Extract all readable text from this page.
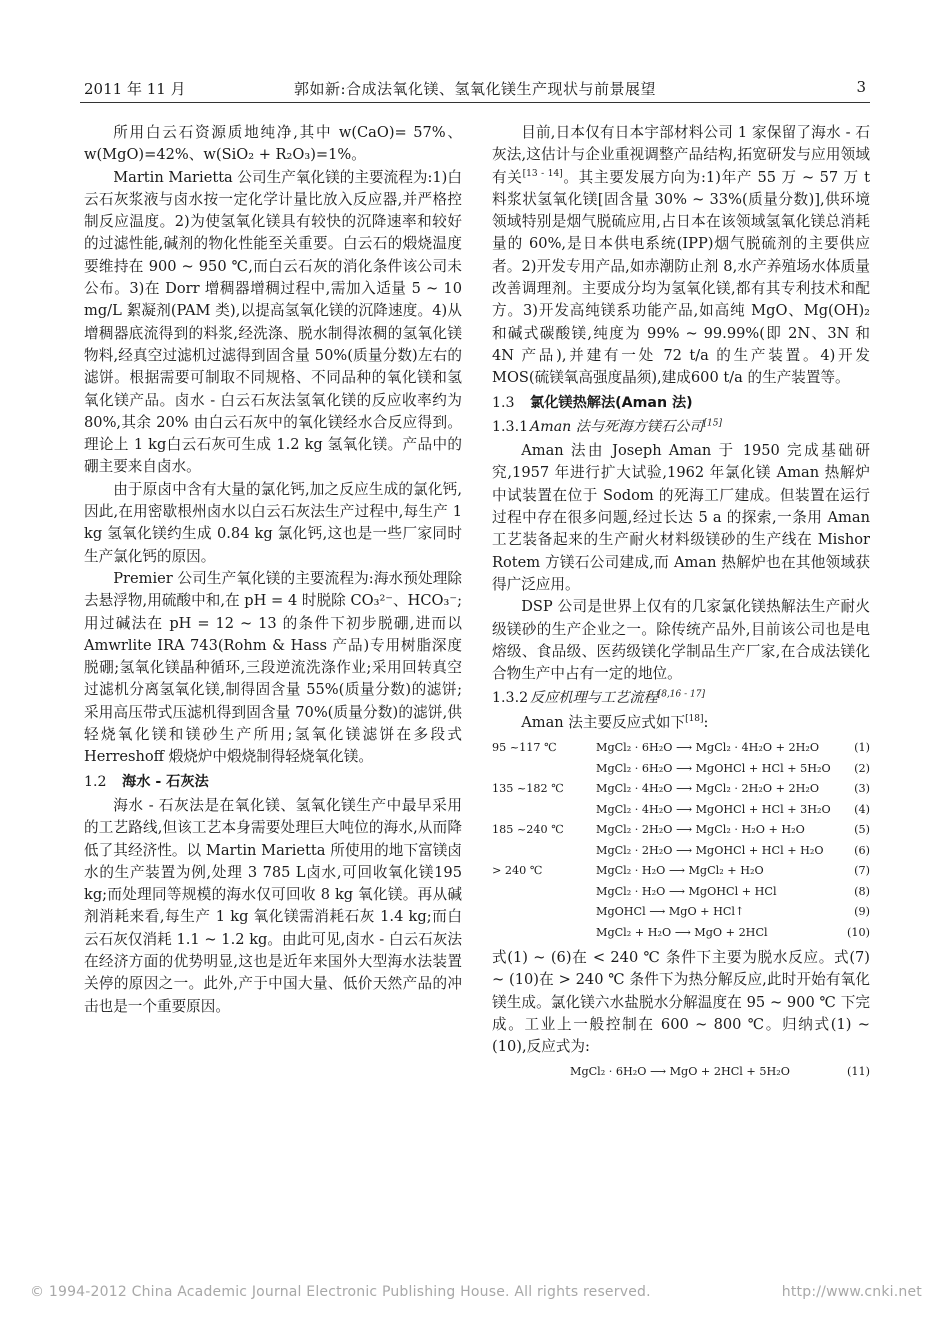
2011 年 11 月	郭如新:合成法氧化镁、氢氧化镁生产现状与前景展望	3

所用白云石资源质地纯净,其中 w(CaO)= 57%、w(MgO)=42%、w(SiO₂ + R₂O₃)=1%。

Martin Marietta 公司生产氧化镁的主要流程为:1)白云石灰浆液与卤水按一定化学计量比放入反应器,并严格控制反应温度。2)为使氢氧化镁具有较快的沉降速率和较好的过滤性能,碱剂的物化性能至关重要。白云石的煅烧温度要维持在 900 ~ 950 ℃,而白云石灰的消化条件该公司未公布。3)在 Dorr 增稠器增稠过程中,需加入适量 5 ~ 10 mg/L 絮凝剂(PAM 类),以提高氢氧化镁的沉降速度。4)从增稠器底流得到的料浆,经洗涤、脱水制得浓稠的氢氧化镁物料,经真空过滤机过滤得到固含量 50%(质量分数)左右的滤饼。根据需要可制取不同规格、不同品种的氧化镁和氢氧化镁产品。卤水 - 白云石灰法氢氧化镁的反应收率约为 80%,其余 20% 由白云石灰中的氧化镁经水合反应得到。理论上 1 kg白云石灰可生成 1.2 kg 氢氧化镁。产品中的硼主要来自卤水。

由于原卤中含有大量的氯化钙,加之反应生成的氯化钙,因此,在用密歇根州卤水以白云石灰法生产过程中,每生产 1 kg 氢氧化镁约生成 0.84 kg 氯化钙,这也是一些厂家同时生产氯化钙的原因。

Premier 公司生产氧化镁的主要流程为:海水预处理除去悬浮物,用硫酸中和,在 pH = 4 时脱除 CO₃²⁻、HCO₃⁻;用过碱法在 pH = 12 ~ 13 的条件下初步脱硼,进而以 Amwrlite IRA 743(Rohm & Hass 产品)专用树脂深度脱硼;氢氧化镁晶种循环,三段逆流洗涤作业;采用回转真空过滤机分离氢氧化镁,制得固含量 55%(质量分数)的滤饼;采用高压带式压滤机得到固含量 70%(质量分数)的滤饼,供轻烧氧化镁和镁砂生产所用;氢氧化镁滤饼在多段式 Herreshoff 煅烧炉中煅烧制得轻烧氧化镁。

1.2 海水 - 石灰法

海水 - 石灰法是在氧化镁、氢氧化镁生产中最早采用的工艺路线,但该工艺本身需要处理巨大吨位的海水,从而降低了其经济性。以 Martin Marietta 所使用的地下富镁卤水的生产装置为例,处理 3 785 L卤水,可回收氧化镁195 kg;而处理同等规模的海水仅可回收 8 kg 氧化镁。再从碱剂消耗来看,每生产 1 kg 氧化镁需消耗石灰 1.4 kg;而白云石灰仅消耗 1.1 ~ 1.2 kg。由此可见,卤水 - 白云石灰法在经济方面的优势明显,这也是近年来国外大型海水法装置关停的原因之一。此外,产于中国大量、低价天然产品的冲击也是一个重要原因。

目前,日本仅有日本宇部材料公司 1 家保留了海水 - 石灰法,这估计与企业重视调整产品结构,拓宽研发与应用领域有关[13 - 14]。其主要发展方向为:1)年产 55 万 ~ 57 万 t 料浆状氢氧化镁[固含量 30% ~ 33%(质量分数)],供环境领域特别是烟气脱硫应用,占日本在该领域氢氧化镁总消耗量的 60%,是日本供电系统(IPP)烟气脱硫剂的主要供应者。2)开发专用产品,如赤潮防止剂 8,水产养殖场水体质量改善调理剂。主要成分均为氢氧化镁,都有其专利技术和配方。3)开发高纯镁系功能产品,如高纯 MgO、Mg(OH)₂ 和碱式碳酸镁,纯度为 99% ~ 99.99%(即 2N、3N 和 4N 产品),并建有一处 72 t/a 的生产装置。4)开发 MOS(硫镁氧高强度晶须),建成600 t/a 的生产装置等。

1.3 氯化镁热解法(Aman 法)
1.3.1 Aman 法与死海方镁石公司[15]

Aman 法由 Joseph Aman 于 1950 完成基础研究,1957 年进行扩大试验,1962 年氯化镁 Aman 热解炉中试装置在位于 Sodom 的死海工厂建成。但装置在运行过程中存在很多问题,经过长达 5 a 的探索,一条用 Aman 工艺装备起来的生产耐火材料级镁砂的生产线在 Mishor Rotem 方镁石公司建成,而 Aman 热解炉也在其他领域获得广泛应用。

DSP 公司是世界上仅有的几家氯化镁热解法生产耐火级镁砂的生产企业之一。除传统产品外,目前该公司也是电熔级、食品级、医药级镁化学制品生产厂家,在合成法镁化合物生产中占有一定的地位。

1.3.2 反应机理与工艺流程[8,16 - 17]

Aman 法主要反应式如下[18]:

95 ~117 ℃	MgCl₂ · 6H₂O ⟶ MgCl₂ · 4H₂O + 2H₂O	(1)
MgCl₂ · 6H₂O ⟶ MgOHCl + HCl + 5H₂O	(2)
135 ~182 ℃	MgCl₂ · 4H₂O ⟶ MgCl₂ · 2H₂O + 2H₂O	(3)
MgCl₂ · 4H₂O ⟶ MgOHCl + HCl + 3H₂O	(4)
185 ~240 ℃	MgCl₂ · 2H₂O ⟶ MgCl₂ · H₂O + H₂O	(5)
MgCl₂ · 2H₂O ⟶ MgOHCl + HCl + H₂O	(6)
> 240 ℃	MgCl₂ · H₂O ⟶ MgCl₂ + H₂O	(7)
MgCl₂ · H₂O ⟶ MgOHCl + HCl	(8)
MgOHCl ⟶ MgO + HCl↑	(9)
MgCl₂ + H₂O ⟶ MgO + 2HCl	(10)

式(1) ~ (6)在 < 240 ℃ 条件下主要为脱水反应。式(7) ~ (10)在 > 240 ℃ 条件下为热分解反应,此时开始有氧化镁生成。氯化镁六水盐脱水分解温度在 95 ~ 900 ℃ 下完成。工业上一般控制在 600 ~ 800 ℃。归纳式(1) ~ (10),反应式为:

MgCl₂ · 6H₂O ⟶ MgO + 2HCl + 5H₂O	(11)
© 1994-2012 China Academic Journal Electronic Publishing House. All rights reserved.	http://www.cnki.net
